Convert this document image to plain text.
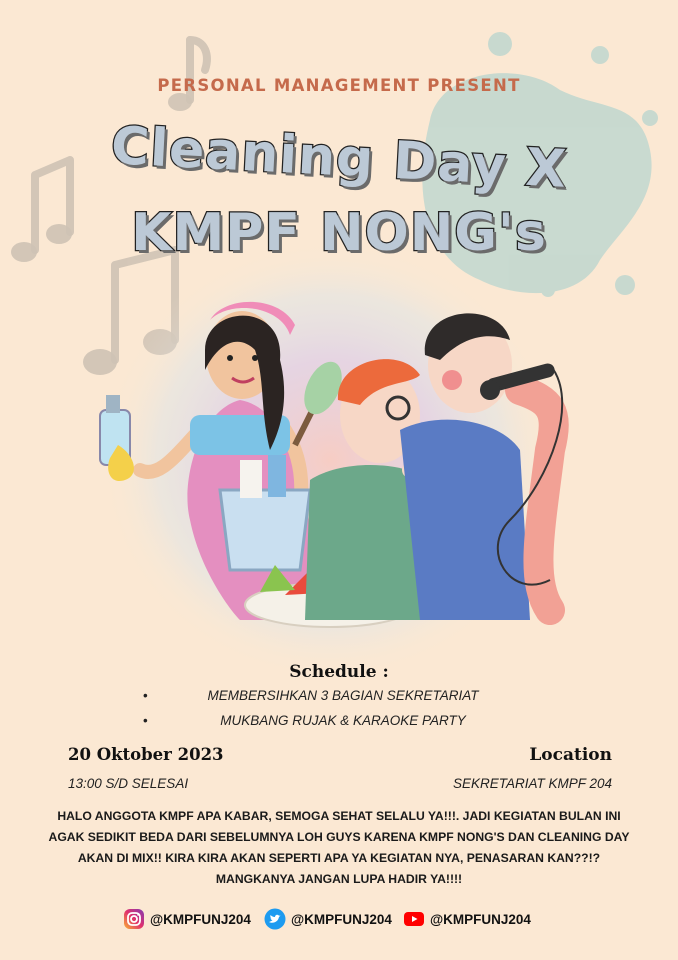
PERSONAL MANAGEMENT PRESENT
Cleaning Day X
KMPF NONG's
Schedule :
•	MEMBERSIHKAN 3 BAGIAN SEKRETARIAT
•	MUKBANG RUJAK & KARAOKE PARTY
20 Oktober 2023
13:00 S/D SELESAI
Location
SEKRETARIAT KMPF 204

HALO ANGGOTA KMPF APA KABAR, SEMOGA SEHAT SELALU YA!!!. JADI KEGIATAN BULAN INI
AGAK SEDIKIT BEDA DARI SEBELUMNYA LOH GUYS KARENA KMPF NONG'S DAN CLEANING DAY
AKAN DI MIX!! KIRA KIRA AKAN SEPERTI APA YA KEGIATAN NYA, PENASARAN KAN??!?
MANGKANYA JANGAN LUPA HADIR YA!!!!

@KMPFUNJ204	@KMPFUNJ204	@KMPFUNJ204
